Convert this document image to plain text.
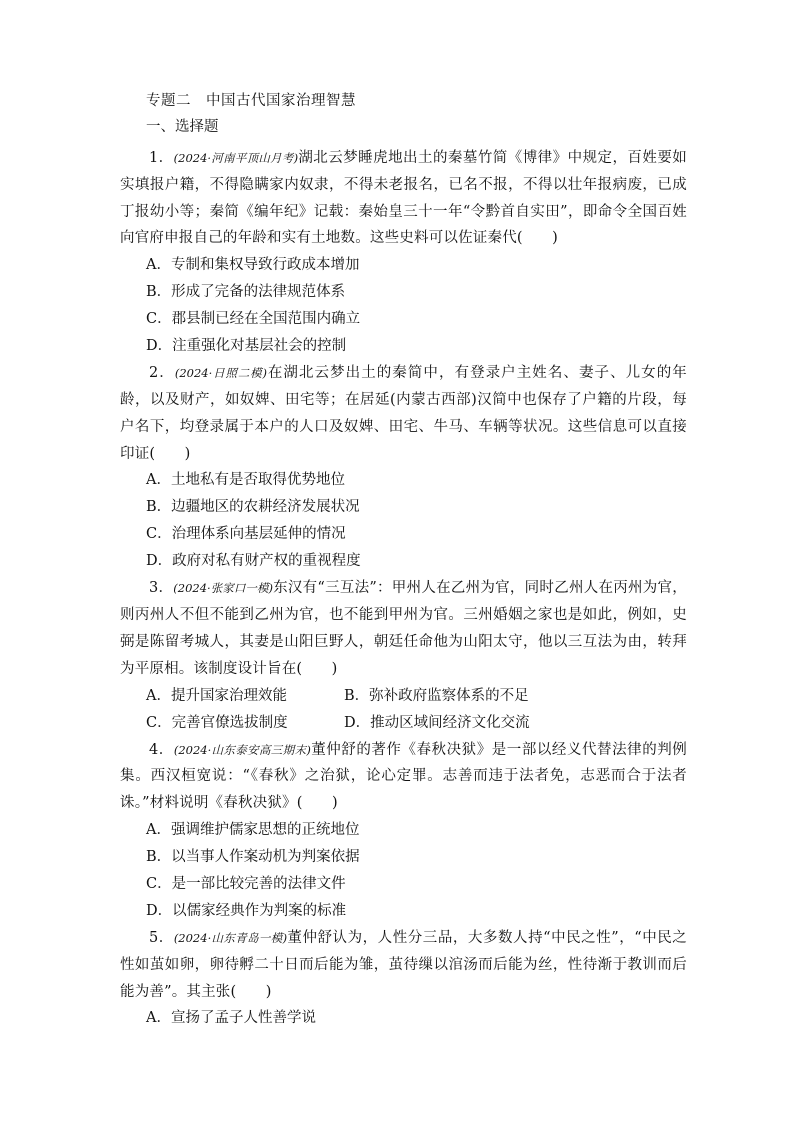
专题二　中国古代国家治理智慧
一、选择题

1．(2024·河南平顶山月考)湖北云梦睡虎地出土的秦墓竹简《博律》中规定，百姓要如实填报户籍，不得隐瞒家内奴隶，不得未老报名，已名不报，不得以壮年报病废，已成丁报幼小等；秦简《编年纪》记载：秦始皇三十一年“令黔首自实田”，即命令全国百姓向官府申报自己的年龄和实有土地数。这些史料可以佐证秦代(　　)

A．专制和集权导致行政成本增加
B．形成了完备的法律规范体系
C．郡县制已经在全国范围内确立
D．注重强化对基层社会的控制

2．(2024·日照二模)在湖北云梦出土的秦简中，有登录户主姓名、妻子、儿女的年龄，以及财产，如奴婢、田宅等；在居延(内蒙古西部)汉简中也保存了户籍的片段，每户名下，均登录属于本户的人口及奴婢、田宅、牛马、车辆等状况。这些信息可以直接印证(　　)

A．土地私有是否取得优势地位
B．边疆地区的农耕经济发展状况
C．治理体系向基层延伸的情况
D．政府对私有财产权的重视程度

3．(2024·张家口一模)东汉有“三互法”：甲州人在乙州为官，同时乙州人在丙州为官，则丙州人不但不能到乙州为官，也不能到甲州为官。三州婚姻之家也是如此，例如，史弼是陈留考城人，其妻是山阳巨野人，朝廷任命他为山阳太守，他以三互法为由，转拜为平原相。该制度设计旨在(　　)

A．提升国家治理效能	B．弥补政府监察体系的不足
C．完善官僚选拔制度	D．推动区域间经济文化交流

4．(2024·山东泰安高三期末)董仲舒的著作《春秋决狱》是一部以经义代替法律的判例集。西汉桓宽说：“《春秋》之治狱，论心定罪。志善而违于法者免，志恶而合于法者诛。”材料说明《春秋决狱》(　　)

A．强调维护儒家思想的正统地位
B．以当事人作案动机为判案依据
C．是一部比较完善的法律文件
D．以儒家经典作为判案的标准

5．(2024·山东青岛一模)董仲舒认为，人性分三品，大多数人持“中民之性”，“中民之性如茧如卵，卵待孵二十日而后能为雏，茧待缫以涫汤而后能为丝，性待渐于教训而后能为善”。其主张(　　)

A．宣扬了孟子人性善学说
